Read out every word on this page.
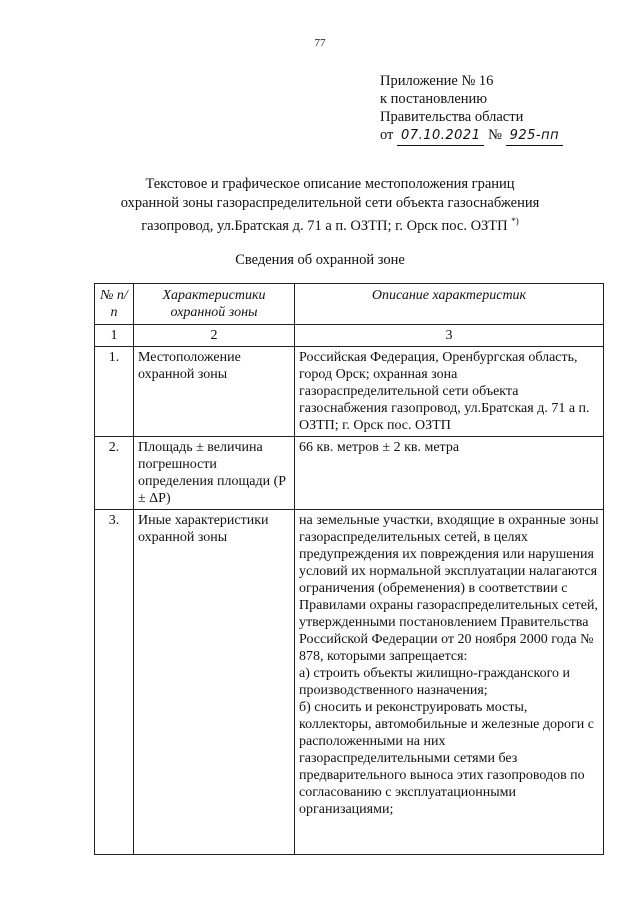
77
Приложение № 16
к постановлению
Правительства области
от 07.10.2021 № 925-пп
Текстовое и графическое описание местоположения границ
охранной зоны газораспределительной сети объекта газоснабжения
газопровод, ул.Братская д. 71 а п. ОЗТП; г. Орск пос. ОЗТП *)
Сведения об охранной зоне
№ п/п	Характеристики охранной зоны	Описание характеристик
1	2	3
1.	Местоположение охранной зоны	Российская Федерация, Оренбургская область, город Орск; охранная зона газораспределительной сети объекта газоснабжения газопровод, ул.Братская д. 71 а п. ОЗТП; г. Орск пос. ОЗТП
2.	Площадь ± величина погрешности определения площади (P ± ΔP)	66 кв. метров ± 2 кв. метра
3.	Иные характеристики охранной зоны	на земельные участки, входящие в охранные зоны газораспределительных сетей, в целях предупреждения их повреждения или нарушения условий их нормальной эксплуатации налагаются ограничения (обременения) в соответствии с Правилами охраны газораспределительных сетей, утвержденными постановлением Правительства Российской Федерации от 20 ноября 2000 года № 878, которыми запрещается:
а) строить объекты жилищно-гражданского и производственного назначения;
б) сносить и реконструировать мосты, коллекторы, автомобильные и железные дороги с расположенными на них газораспределительными сетями без предварительного выноса этих газопроводов по согласованию с эксплуатационными организациями;
